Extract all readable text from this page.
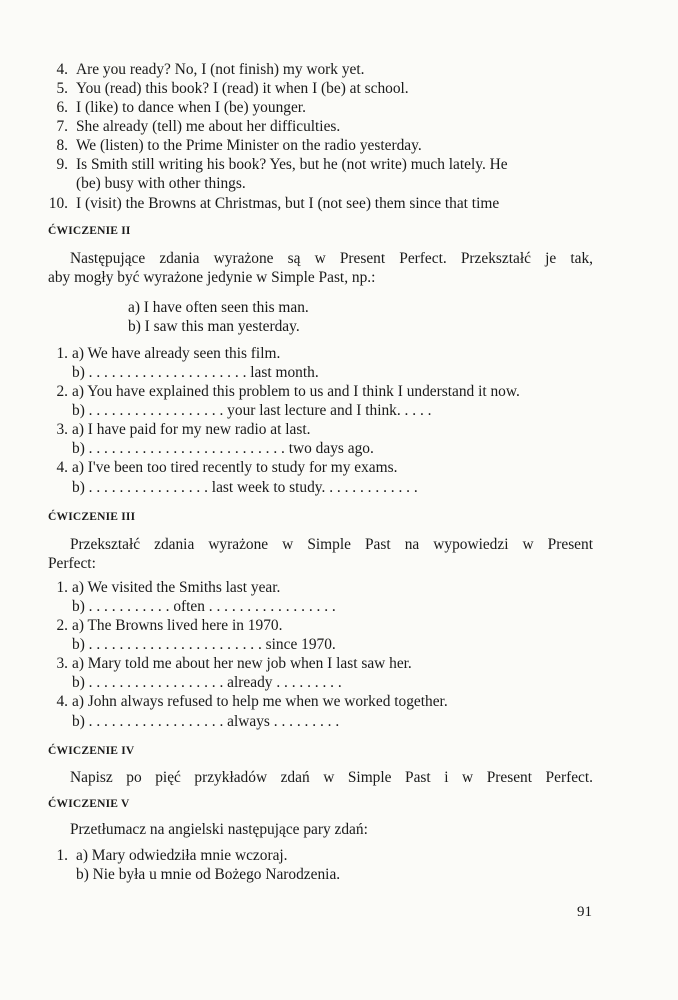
4. Are you ready? No, I (not finish) my work yet.
5. You (read) this book? I (read) it when I (be) at school.
6. I (like) to dance when I (be) younger.
7. She already (tell) me about her difficulties.
8. We (listen) to the Prime Minister on the radio yesterday.
9. Is Smith still writing his book? Yes, but he (not write) much lately. He
(be) busy with other things.
10. I (visit) the Browns at Christmas, but I (not see) them since that time
ĆWICZENIE II
Następujące zdania wyrażone są w Present Perfect. Przekształć je tak,
aby mogły być wyrażone jedynie w Simple Past, np.:
a) I have often seen this man.
b) I saw this man yesterday.
1. a) We have already seen this film.
b) . . . . . . . . . . . . . . . . . . . . . last month.
2. a) You have explained this problem to us and I think I understand it now.
b) . . . . . . . . . . . . . . . . . . your last lecture and I think. . . . .
3. a) I have paid for my new radio at last.
b) . . . . . . . . . . . . . . . . . . . . . . . . . . two days ago.
4. a) I've been too tired recently to study for my exams.
b) . . . . . . . . . . . . . . . . last week to study. . . . . . . . . . . . .
ĆWICZENIE III
Przekształć zdania wyrażone w Simple Past na wypowiedzi w Present
Perfect:
1. a) We visited the Smiths last year.
b) . . . . . . . . . . . often . . . . . . . . . . . . . . . . .
2. a) The Browns lived here in 1970.
b) . . . . . . . . . . . . . . . . . . . . . . . since 1970.
3. a) Mary told me about her new job when I last saw her.
b) . . . . . . . . . . . . . . . . . . already . . . . . . . . .
4. a) John always refused to help me when we worked together.
b) . . . . . . . . . . . . . . . . . . always . . . . . . . . .
ĆWICZENIE IV
Napisz po pięć przykładów zdań w Simple Past i w Present Perfect.
ĆWICZENIE V
Przetłumacz na angielski następujące pary zdań:
1. a) Mary odwiedziła mnie wczoraj.
b) Nie była u mnie od Bożego Narodzenia.
91
